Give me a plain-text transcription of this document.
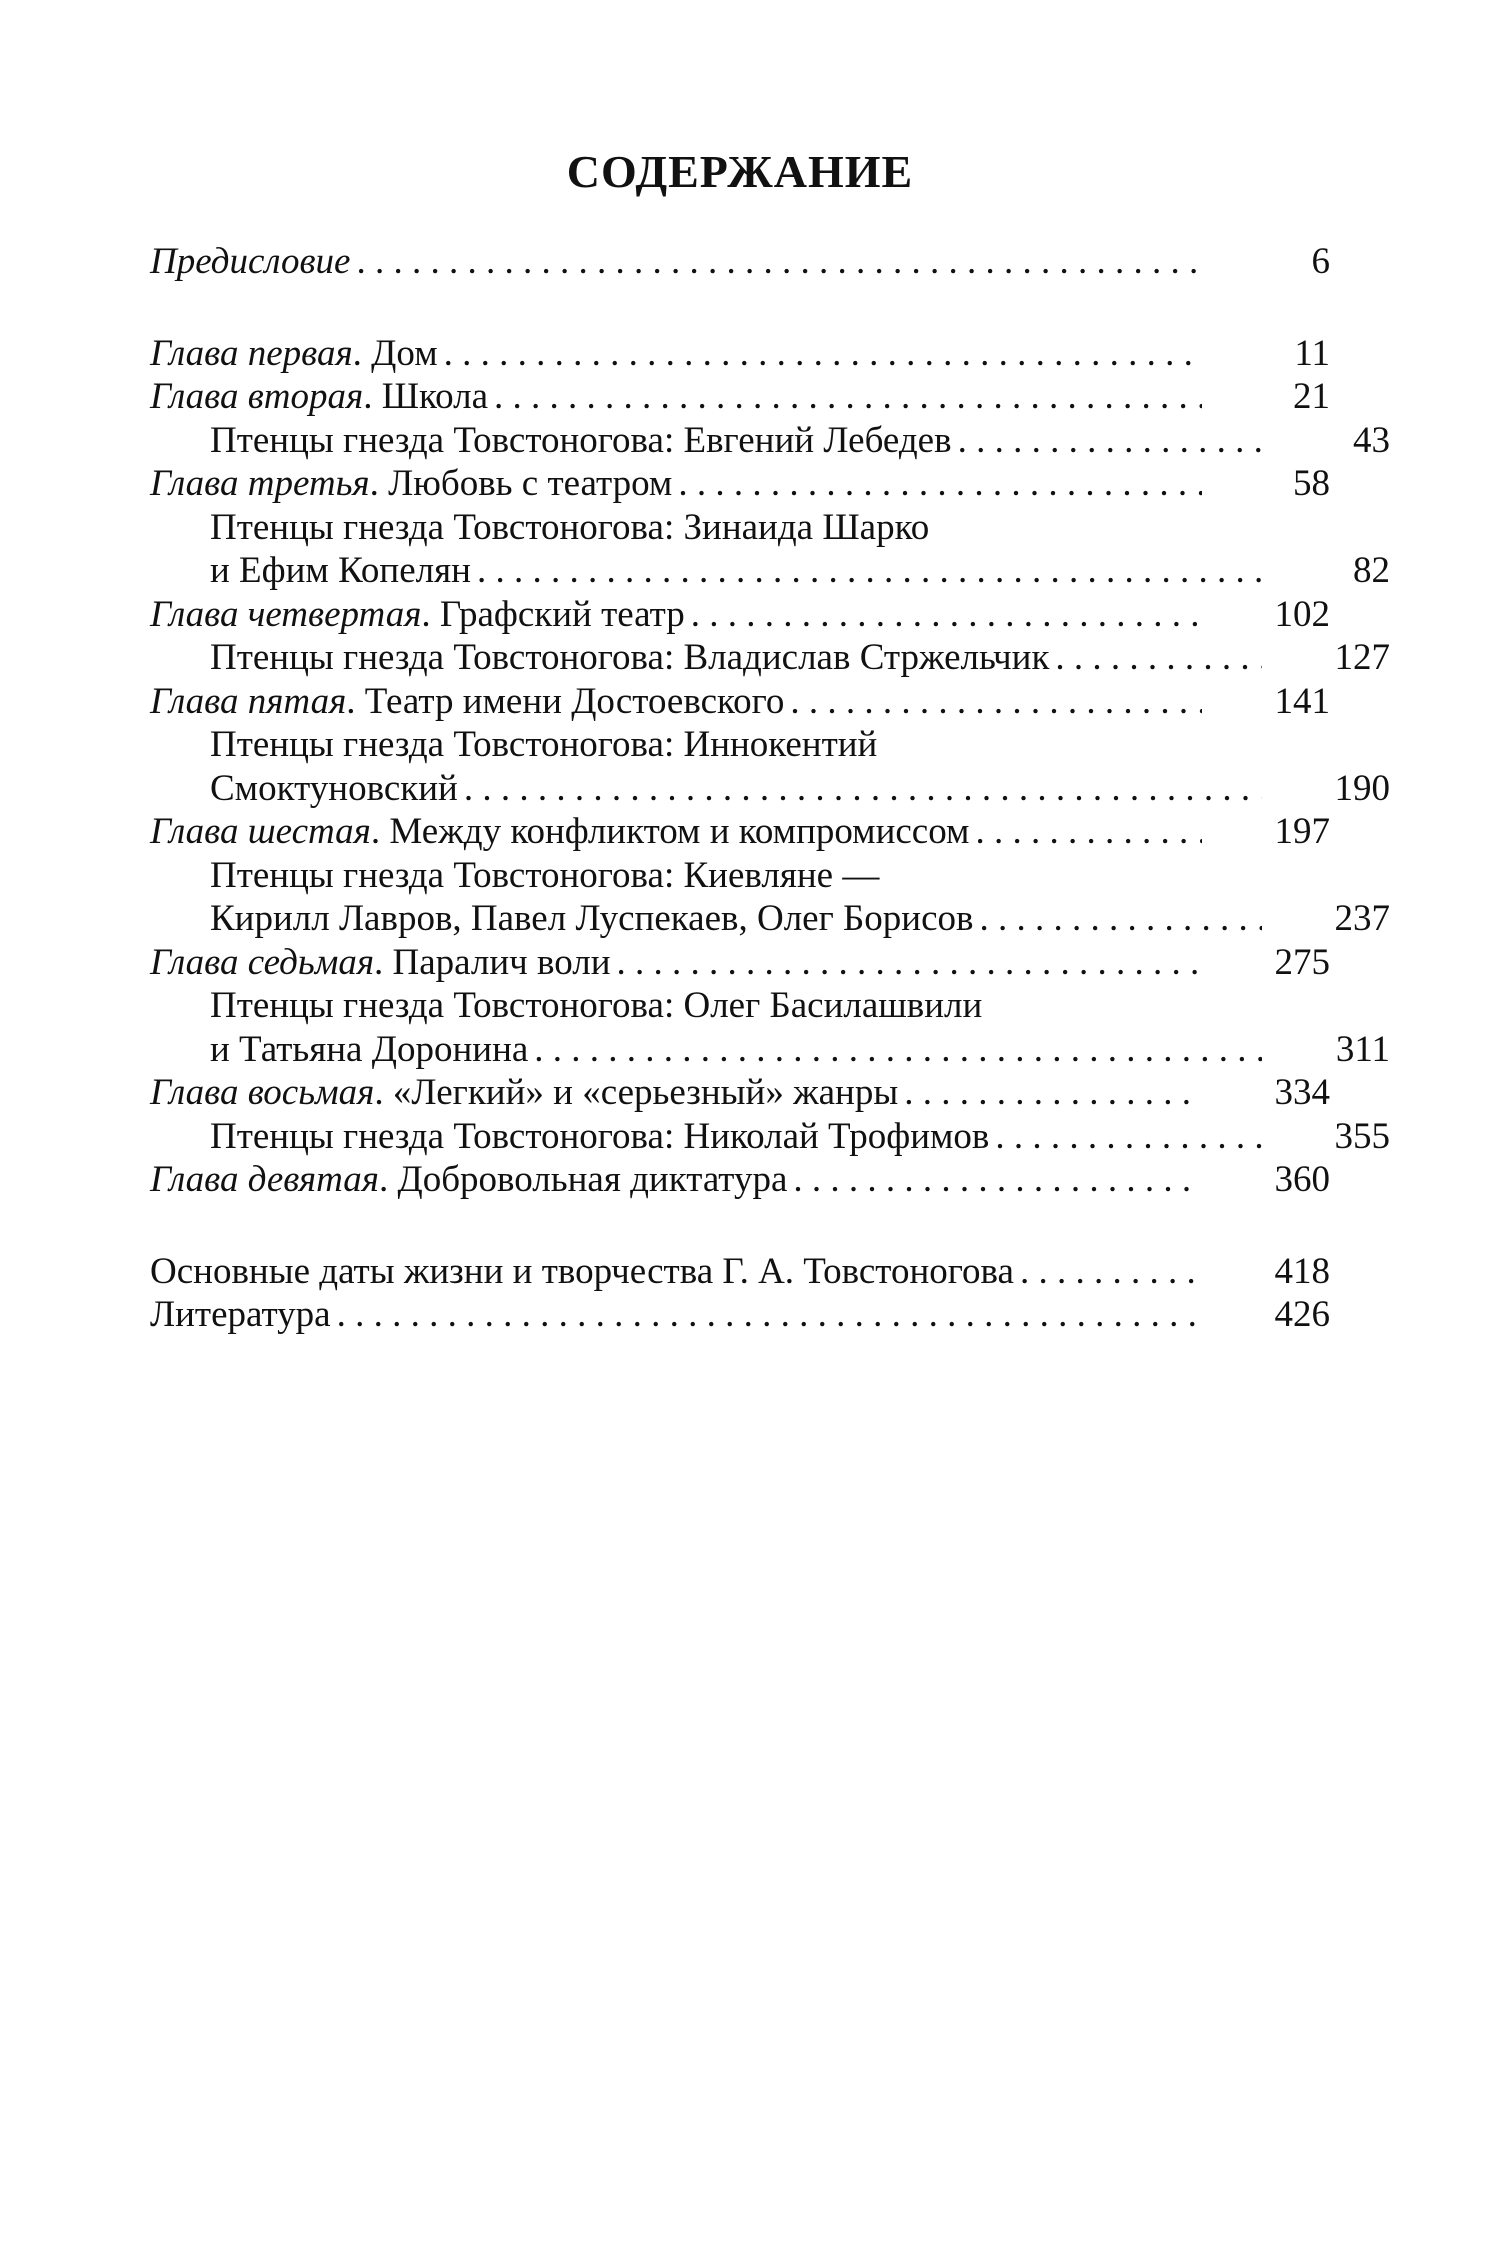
СОДЕРЖАНИЕ
Предисловие . . .	6
Глава первая. Дом . . .	11
Глава вторая. Школа . . .	21
Птенцы гнезда Товстоногова: Евгений Лебедев . . .	43
Глава третья. Любовь с театром . . .	58
Птенцы гнезда Товстоногова: Зинаида Шарко
и Ефим Копелян . . .	82
Глава четвертая. Графский театр . . .	102
Птенцы гнезда Товстоногова: Владислав Стржельчик . . .	127
Глава пятая. Театр имени Достоевского . . .	141
Птенцы гнезда Товстоногова: Иннокентий
Смоктуновский . . .	190
Глава шестая. Между конфликтом и компромиссом . . .	197
Птенцы гнезда Товстоногова: Киевляне —
Кирилл Лавров, Павел Луспекаев, Олег Борисов . . .	237
Глава седьмая. Паралич воли . . .	275
Птенцы гнезда Товстоногова: Олег Басилашвили
и Татьяна Доронина . . .	311
Глава восьмая. «Легкий» и «серьезный» жанры . . .	334
Птенцы гнезда Товстоногова: Николай Трофимов . . .	355
Глава девятая. Добровольная диктатура . . .	360
Основные даты жизни и творчества Г. А. Товстоногова . . .	418
Литература . . .	426
